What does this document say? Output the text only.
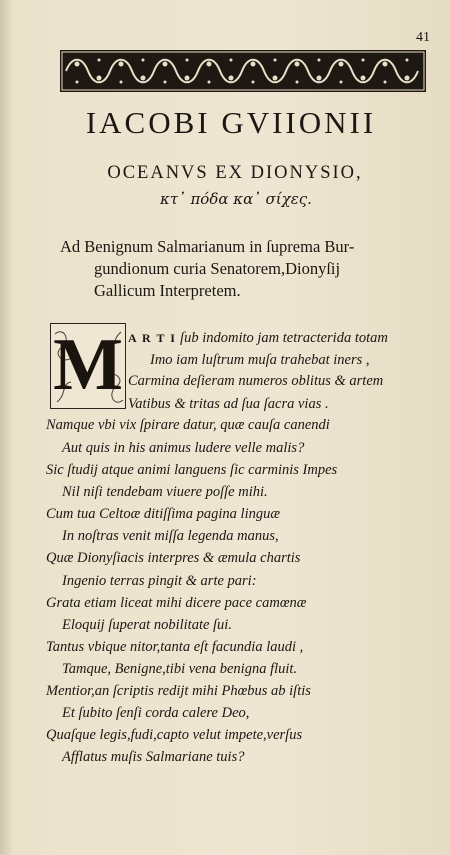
41
IACOBI GVIIONII
OCEANVS EX DIONYSIO,
κτ᾽ πόδα κα᾽ σίχες.
Ad Benignum Salmarianum in ſuprema Bur-
gundionum curia Senatorem,Dionyſij
Gallicum Interpretem.
M A R T I ſub indomito jam tetracterida totam
Imo iam luſtrum muſa trahebat iners ,
Carmina deſieram numeros oblitus & artem
Vatibus & tritas ad ſua ſacra vias .
Namque vbi vix ſpirare datur, quæ cauſa canendi
Aut quis in his animus ludere velle malis?
Sic ſtudij atque animi languens ſic carminis Impes
Nil niſi tendebam viuere poſſe mihi.
Cum tua Celtoæ ditiſſima pagina linguæ
In noſtras venit miſſa legenda manus,
Quæ Dionyſiacis interpres & æmula chartis
Ingenio terras pingit & arte pari:
Grata etiam liceat mihi dicere pace camœnæ
Eloquij ſuperat nobilitate ſui.
Tantus vbique nitor,tanta eſt facundia laudi ,
Tamque, Benigne,tibi vena benigna fluit.
Mentior,an ſcriptis redijt mihi Phœbus ab iſtis
Et ſubito ſenſi corda calere Deo,
Quaſque legis,fudi,capto velut impete,verſus
Afflatus muſis Salmariane tuis?
